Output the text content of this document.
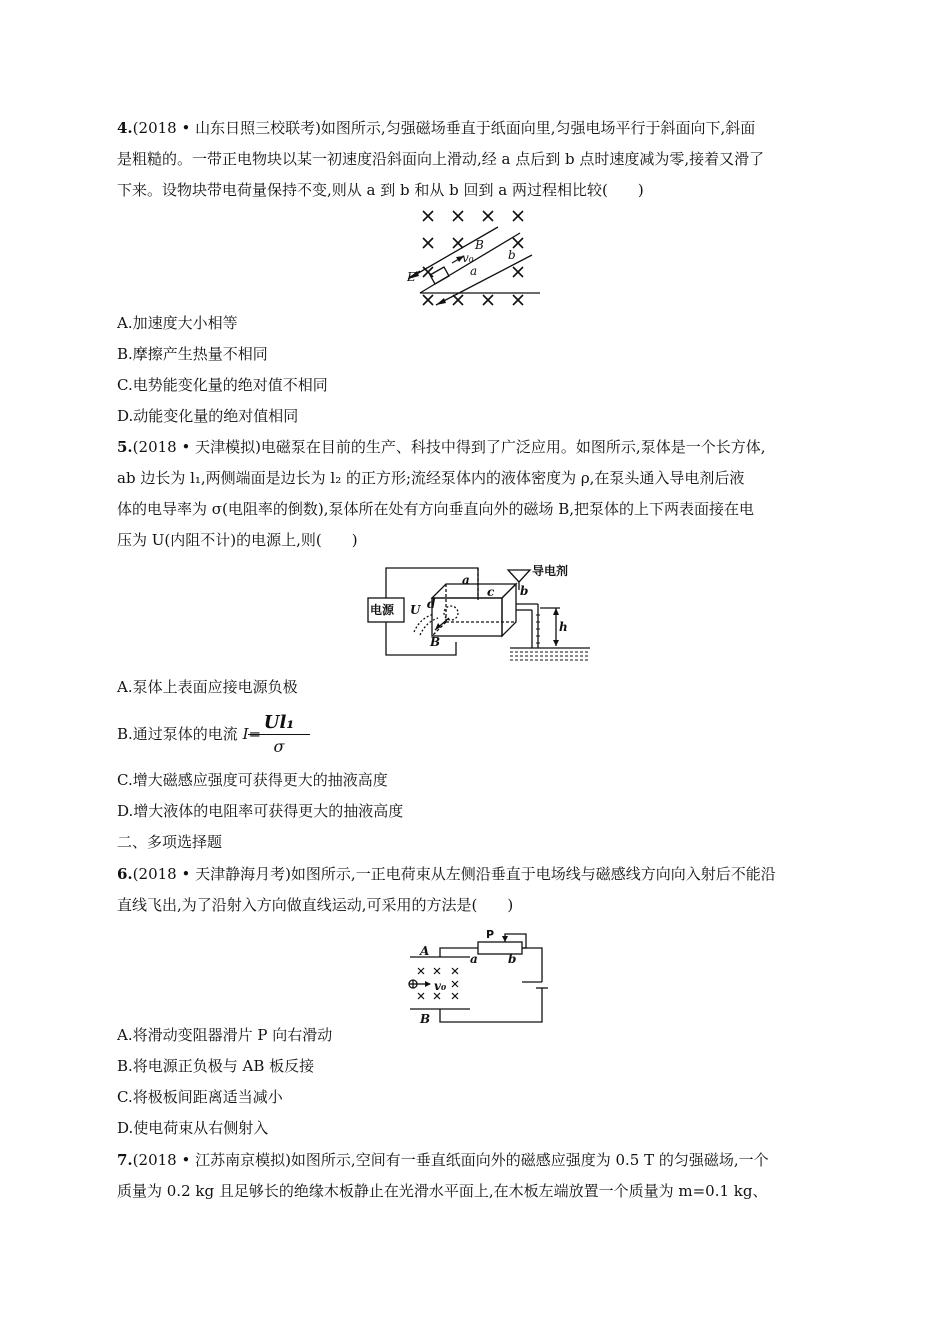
4.(2018 • 山东日照三校联考)如图所示,匀强磁场垂直于纸面向里,匀强电场平行于斜面向下,斜面
是粗糙的。一带正电物块以某一初速度沿斜面向上滑动,经 a 点后到 b 点时速度减为零,接着又滑了
下来。设物块带电荷量保持不变,则从 a 到 b 和从 b 回到 a 两过程相比较(　　)
B
v₀
a
b
E
A.加速度大小相等
B.摩擦产生热量不相同
C.电势能变化量的绝对值不相同
D.动能变化量的绝对值相同
5.(2018 • 天津模拟)电磁泵在目前的生产、科技中得到了广泛应用。如图所示,泵体是一个长方体,
ab 边长为 l₁,两侧端面是边长为 l₂ 的正方形;流经泵体内的液体密度为 ρ,在泵头通入导电剂后液
体的电导率为 σ(电阻率的倒数),泵体所在处有方向垂直向外的磁场 B,把泵体的上下两表面接在电
压为 U(内阻不计)的电源上,则(　　)
电源
导电剂
U
a
b
c
d
B
h
A.泵体上表面应接电源负极
B.通过泵体的电流 I=
$\frac{\text{Ul₁}}{\sigma}$
C.增大磁感应强度可获得更大的抽液高度
D.增大液体的电阻率可获得更大的抽液高度
二、多项选择题
6.(2018 • 天津静海月考)如图所示,一正电荷束从左侧沿垂直于电场线与磁感线方向向入射后不能沿
直线飞出,为了沿射入方向做直线运动,可采用的方法是(　　)
A
B
a	b
v₀
P
A.将滑动变阻器滑片 P 向右滑动
B.将电源正负极与 AB 板反接
C.将极板间距离适当减小
D.使电荷束从右侧射入
7.(2018 • 江苏南京模拟)如图所示,空间有一垂直纸面向外的磁感应强度为 0.5 T 的匀强磁场,一个
质量为 0.2 kg 且足够长的绝缘木板静止在光滑水平面上,在木板左端放置一个质量为 m=0.1 kg、
